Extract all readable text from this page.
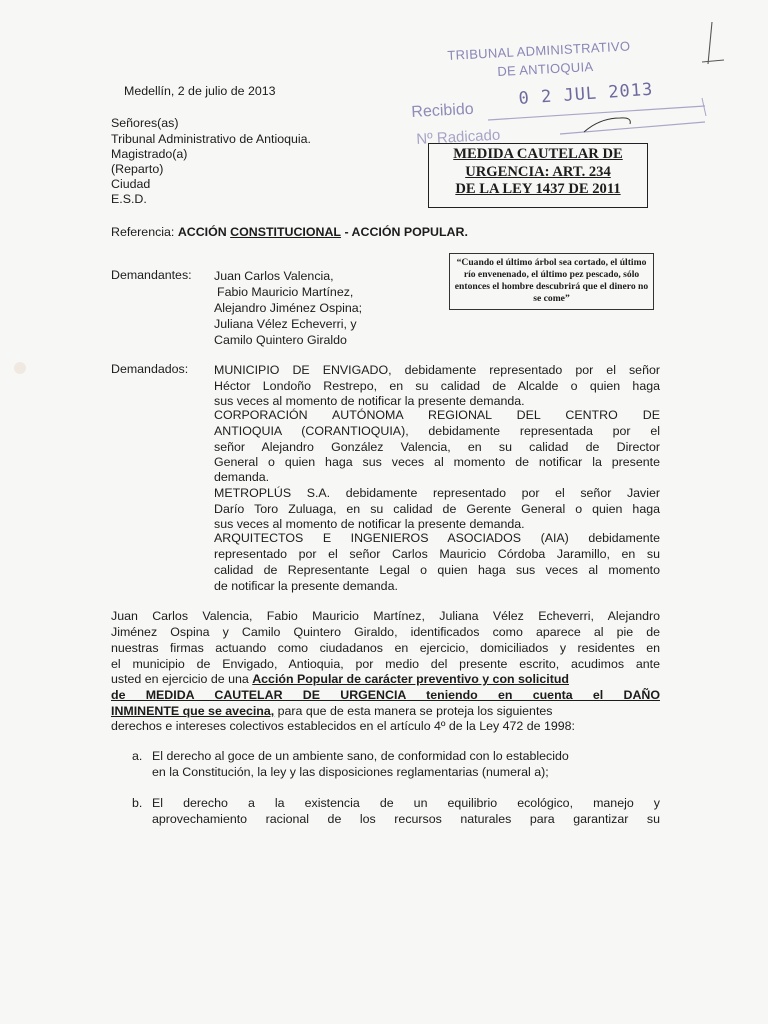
TRIBUNAL ADMINISTRATIVO
DE ANTIOQUIA
Recibido
0 2 JUL 2013
Nº Radicado
Medellín, 2 de julio de 2013
Señores(as)
Tribunal Administrativo de Antioquia.
Magistrado(a)
(Reparto)
Ciudad
E.S.D.
MEDIDA CAUTELAR DE
URGENCIA: ART. 234
DE LA LEY 1437 DE 2011
Referencia: ACCIÓN CONSTITUCIONAL - ACCIÓN POPULAR.
“Cuando el último árbol sea cortado, el último río envenenado, el último pez pescado, sólo entonces el hombre descubrirá que el dinero no se come”
Demandantes: Juan Carlos Valencia,
Fabio Mauricio Martínez,
Alejandro Jiménez Ospina;
Juliana Vélez Echeverri, y
Camilo Quintero Giraldo
Demandados: MUNICIPIO DE ENVIGADO, debidamente representado por el señor
Héctor Londoño Restrepo, en su calidad de Alcalde o quien haga
sus veces al momento de notificar la presente demanda.
CORPORACIÓN AUTÓNOMA REGIONAL DEL CENTRO DE
ANTIOQUIA (CORANTIOQUIA), debidamente representada por el
señor Alejandro González Valencia, en su calidad de Director
General o quien haga sus veces al momento de notificar la presente
demanda.
METROPLÚS S.A. debidamente representado por el señor Javier
Darío Toro Zuluaga, en su calidad de Gerente General o quien haga
sus veces al momento de notificar la presente demanda.
ARQUITECTOS E INGENIEROS ASOCIADOS (AIA) debidamente
representado por el señor Carlos Mauricio Córdoba Jaramillo, en su
calidad de Representante Legal o quien haga sus veces al momento
de notificar la presente demanda.
Juan Carlos Valencia, Fabio Mauricio Martínez, Juliana Vélez Echeverri, Alejandro
Jiménez Ospina y Camilo Quintero Giraldo, identificados como aparece al pie de
nuestras firmas actuando como ciudadanos en ejercicio, domiciliados y residentes en
el municipio de Envigado, Antioquia, por medio del presente escrito, acudimos ante
usted en ejercicio de una Acción Popular de carácter preventivo y con solicitud
de MEDIDA CAUTELAR DE URGENCIA teniendo en cuenta el DAÑO
INMINENTE que se avecina, para que de esta manera se proteja los siguientes
derechos e intereses colectivos establecidos en el artículo 4º de la Ley 472 de 1998:
a. El derecho al goce de un ambiente sano, de conformidad con lo establecido
en la Constitución, la ley y las disposiciones reglamentarias (numeral a);
b. El derecho a la existencia de un equilibrio ecológico, manejo y
aprovechamiento racional de los recursos naturales para garantizar su
